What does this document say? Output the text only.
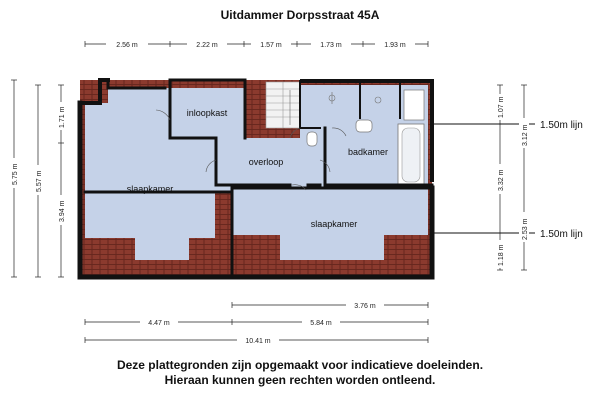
Uitdammer Dorpsstraat 45A
2.56 m	2.22 m	1.57 m	1.73 m	1.93 m
inloopkast
overloop
badkamer
slaapkamer
slaapkamer
5.75 m 5.57 m
1.71 m
3.94 m
1.07 m
3.12 m
3.32 m
2.53 m
1.18 m
1.50m lijn
1.50m lijn
3.76 m
4.47 m	5.84 m
10.41 m
Deze plattegronden zijn opgemaakt voor indicatieve doeleinden.
Hieraan kunnen geen rechten worden ontleend.
